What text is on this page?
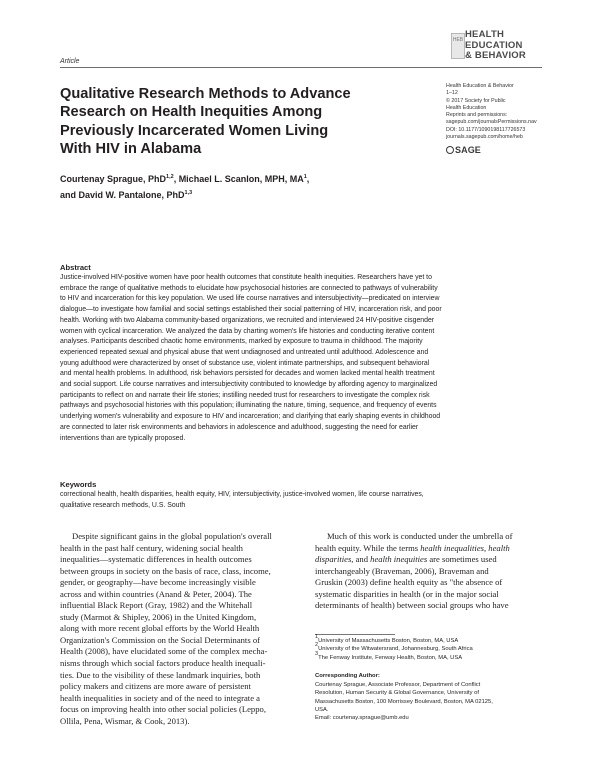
HEB HEALTH
EDUCATION
& BEHAVIOR
Article
Qualitative Research Methods to Advance
Research on Health Inequities Among
Previously Incarcerated Women Living
With HIV in Alabama
Health Education & Behavior
1–12
© 2017 Society for Public
Health Education
Reprints and permissions:
sagepub.com/journalsPermissions.nav
DOI: 10.1177/1090198117726573
journals.sagepub.com/home/heb
SAGE
Courtenay Sprague, PhD$^{1,2}$, Michael L. Scanlon, MPH, $MA^1$,
and David W. Pantalone, PhD$^{1,3}$
Abstract
Justice-involved HIV-positive women have poor health outcomes that constitute health inequities. Researchers have yet to
embrace the range of qualitative methods to elucidate how psychosocial histories are connected to pathways of vulnerability
to HIV and incarceration for this key population. We used life course narratives and intersubjectivity—predicated on interview
dialogue—to investigate how familial and social settings established their social patterning of HIV, incarceration risk, and poor
health. Working with two Alabama community-based organizations, we recruited and interviewed 24 HIV-positive cisgender
women with cyclical incarceration. We analyzed the data by charting women's life histories and conducting iterative content
analyses. Participants described chaotic home environments, marked by exposure to trauma in childhood. The majority
experienced repeated sexual and physical abuse that went undiagnosed and untreated until adulthood. Adolescence and
young adulthood were characterized by onset of substance use, violent intimate partnerships, and subsequent behavioral
and mental health problems. In adulthood, risk behaviors persisted for decades and women lacked mental health treatment
and social support. Life course narratives and intersubjectivity contributed to knowledge by affording agency to marginalized
participants to reflect on and narrate their life stories; instilling needed trust for researchers to investigate the complex risk
pathways and psychosocial histories with this population; illuminating the nature, timing, sequence, and frequency of events
underlying women's vulnerability and exposure to HIV and incarceration; and clarifying that early shaping events in childhood
are connected to later risk environments and behaviors in adolescence and adulthood, suggesting the need for earlier
interventions than are typically proposed.
Keywords
correctional health, health disparities, health equity, HIV, intersubjectivity, justice-involved women, life course narratives,
qualitative research methods, U.S. South
Despite significant gains in the global population's overall
health in the past half century, widening social health
inequalities—systematic differences in health outcomes
between groups in society on the basis of race, class, income,
gender, or geography—have become increasingly visible
across and within countries (Anand & Peter, 2004). The
influential Black Report (Gray, 1982) and the Whitehall
study (Marmot & Shipley, 2006) in the United Kingdom,
along with more recent global efforts by the World Health
Organization's Commission on the Social Determinants of
Health (2008), have elucidated some of the complex mecha-
nisms through which social factors produce health inequali-
ties. Due to the visibility of these landmark inquiries, both
policy makers and citizens are more aware of persistent
health inequalities in society and of the need to integrate a
focus on improving health into other social policies (Leppo,
Ollila, Pena, Wismar, & Cook, 2013).
Much of this work is conducted under the umbrella of
health equity. While the terms health inequalities, health
disparities, and health inequities are sometimes used
interchangeably (Braveman, 2006), Braveman and
Gruskin (2003) define health equity as "the absence of
systematic disparities in health (or in the major social
determinants of health) between social groups who have
$^1$University of Massachusetts Boston, Boston, MA, USA
$^2$University of the Witwatersrand, Johannesburg, South Africa
$^3$The Fenway Institute, Fenway Health, Boston, MA, USA
Corresponding Author:
Courtenay Sprague, Associate Professor, Department of Conflict
Resolution, Human Security & Global Governance, University of
Massachusetts Boston, 100 Morrissey Boulevard, Boston, MA 02125,
USA.
Email: courtenay.sprague@umb.edu
